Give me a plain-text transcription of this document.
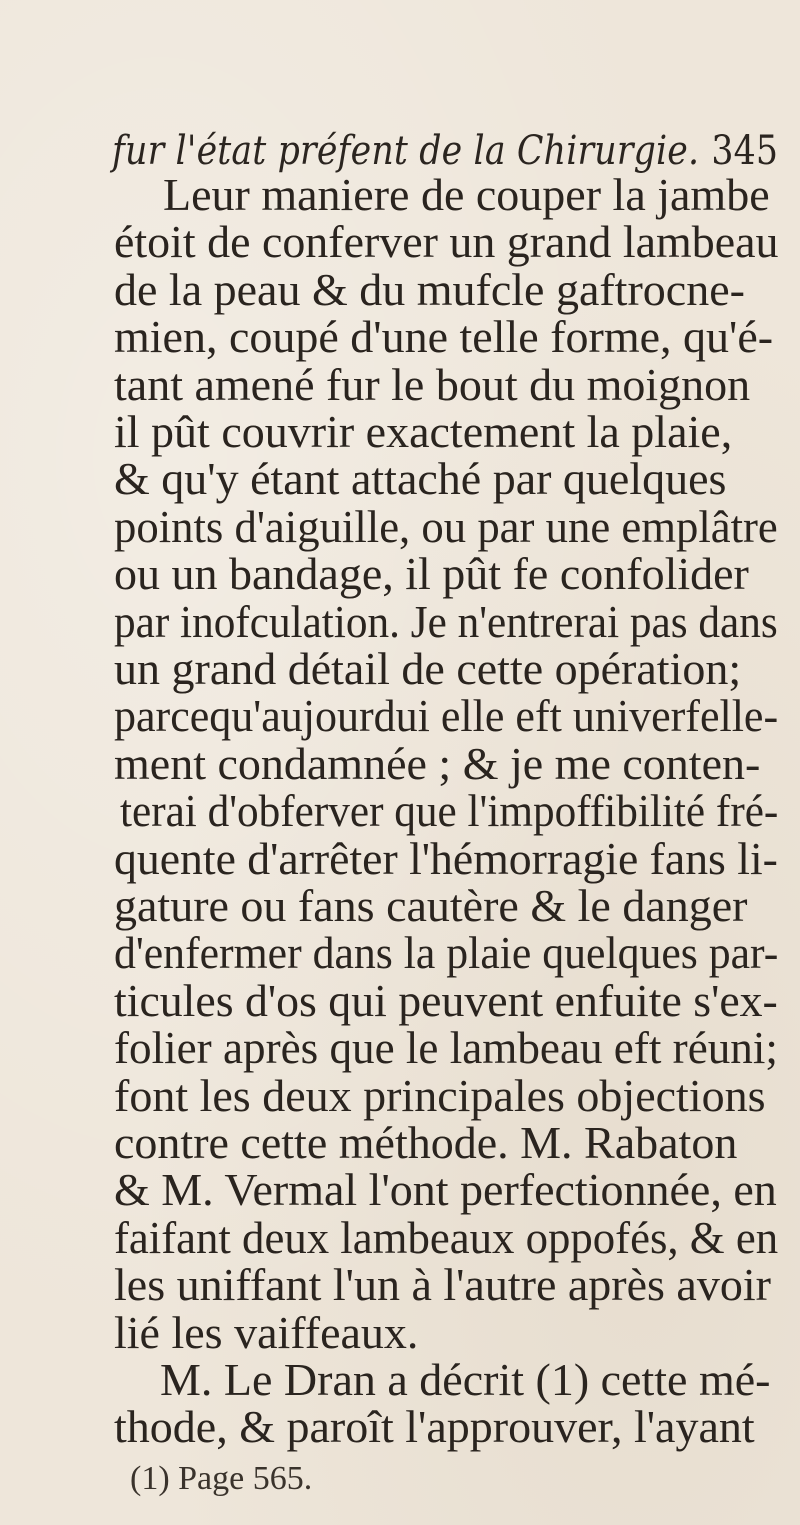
fur l'état préfent de la Chirurgie. 345
Leur maniere de couper la jambe
étoit de conferver un grand lambeau
de la peau & du mufcle gaftrocne-
mien, coupé d'une telle forme, qu'é-
tant amené fur le bout du moignon
il pût couvrir exactement la plaie,
& qu'y étant attaché par quelques
points d'aiguille, ou par une emplâtre
ou un bandage, il pût fe confolider
par inofculation. Je n'entrerai pas dans
un grand détail de cette opération;
parcequ'aujourdui elle eft univerfelle-
ment condamnée ; & je me conten-
terai d'obferver que l'impoffibilité fré-
quente d'arrêter l'hémorragie fans li-
gature ou fans cautère & le danger
d'enfermer dans la plaie quelques par-
ticules d'os qui peuvent enfuite s'ex-
folier après que le lambeau eft réuni;
font les deux principales objections
contre cette méthode. M. Rabaton
& M. Vermal l'ont perfectionnée, en
faifant deux lambeaux oppofés, & en
les uniffant l'un à l'autre après avoir
lié les vaiffeaux.
M. Le Dran a décrit (1) cette mé-
thode, & paroît l'approuver, l'ayant
(1) Page 565.
